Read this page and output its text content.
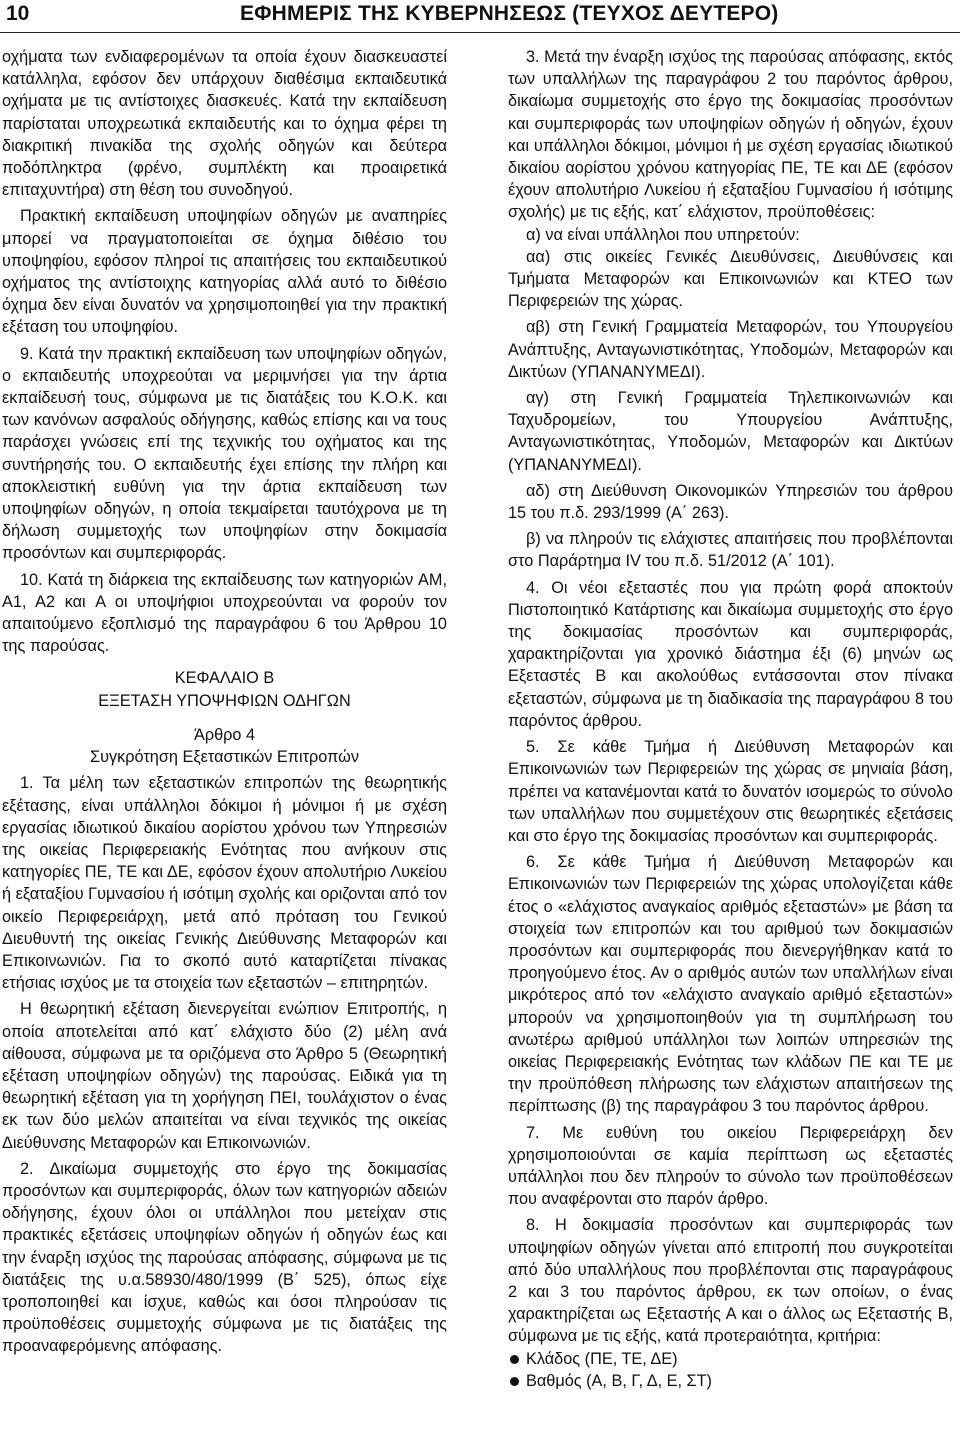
10	ΕΦΗΜΕΡΙΣ ΤΗΣ ΚΥΒΕΡΝΗΣΕΩΣ (ΤΕΥΧΟΣ ΔΕΥΤΕΡΟ)

οχήματα των ενδιαφερομένων τα οποία έχουν διασκευαστεί κατάλληλα, εφόσον δεν υπάρχουν διαθέσιμα εκπαιδευτικά οχήματα με τις αντίστοιχες διασκευές. Κατά την εκπαίδευση παρίσταται υποχρεωτικά εκπαιδευτής και το όχημα φέρει τη διακριτική πινακίδα της σχολής οδηγών και δεύτερα ποδόπληκτρα (φρένο, συμπλέκτη και προαιρετικά επιταχυντήρα) στη θέση του συνοδηγού.

Πρακτική εκπαίδευση υποψηφίων οδηγών με αναπηρίες μπορεί να πραγματοποιείται σε όχημα διθέσιο του υποψηφίου, εφόσον πληροί τις απαιτήσεις του εκπαιδευτικού οχήματος της αντίστοιχης κατηγορίας αλλά αυτό το διθέσιο όχημα δεν είναι δυνατόν να χρησιμοποιηθεί για την πρακτική εξέταση του υποψηφίου.

9. Κατά την πρακτική εκπαίδευση των υποψηφίων οδηγών, ο εκπαιδευτής υποχρεούται να μεριμνήσει για την άρτια εκπαίδευσή τους, σύμφωνα με τις διατάξεις του Κ.Ο.Κ. και των κανόνων ασφαλούς οδήγησης, καθώς επίσης και να τους παράσχει γνώσεις επί της τεχνικής του οχήματος και της συντήρησής του. Ο εκπαιδευτής έχει επίσης την πλήρη και αποκλειστική ευθύνη για την άρτια εκπαίδευση των υποψηφίων οδηγών, η οποία τεκμαίρεται ταυτόχρονα με τη δήλωση συμμετοχής των υποψηφίων στην δοκιμασία προσόντων και συμπεριφοράς.

10. Κατά τη διάρκεια της εκπαίδευσης των κατηγοριών AM, A1, A2 και A οι υποψήφιοι υποχρεούνται να φορούν τον απαιτούμενο εξοπλισμό της παραγράφου 6 του Άρθρου 10 της παρούσας.

ΚΕΦΑΛΑΙΟ Β

ΕΞΕΤΑΣΗ ΥΠΟΨΗΦΙΩΝ ΟΔΗΓΩΝ

Άρθρο 4

Συγκρότηση Εξεταστικών Επιτροπών

1. Τα μέλη των εξεταστικών επιτροπών της θεωρητικής εξέτασης, είναι υπάλληλοι δόκιμοι ή μόνιμοι ή με σχέση εργασίας ιδιωτικού δικαίου αορίστου χρόνου των Υπηρεσιών της οικείας Περιφερειακής Ενότητας που ανήκουν στις κατηγορίες ΠΕ, ΤΕ και ΔΕ, εφόσον έχουν απολυτήριο Λυκείου ή εξαταξίου Γυμνασίου ή ισότιμη σχολής και οριζονται από τον οικείο Περιφερειάρχη, μετά από πρόταση του Γενικού Διευθυντή της οικείας Γενικής Διεύθυνσης Μεταφορών και Επικοινωνιών. Για το σκοπό αυτό καταρτίζεται πίνακας ετήσιας ισχύος με τα στοιχεία των εξεταστών – επιτηρητών.

Η θεωρητική εξέταση διενεργείται ενώπιον Επιτροπής, η οποία αποτελείται από κατ΄ ελάχιστο δύο (2) μέλη ανά αίθουσα, σύμφωνα με τα οριζόμενα στο Άρθρο 5 (Θεωρητική εξέταση υποψηφίων οδηγών) της παρούσας. Ειδικά για τη θεωρητική εξέταση για τη χορήγηση ΠΕΙ, τουλάχιστον ο ένας εκ των δύο μελών απαιτείται να είναι τεχνικός της οικείας Διεύθυνσης Μεταφορών και Επικοινωνιών.

2. Δικαίωμα συμμετοχής στο έργο της δοκιμασίας προσόντων και συμπεριφοράς, όλων των κατηγοριών αδειών οδήγησης, έχουν όλοι οι υπάλληλοι που μετείχαν στις πρακτικές εξετάσεις υποψηφίων οδηγών ή οδηγών έως και την έναρξη ισχύος της παρούσας απόφασης, σύμφωνα με τις διατάξεις της υ.α.58930/480/1999 (Β΄ 525), όπως είχε τροποποιηθεί και ίσχυε, καθώς και όσοι πληρούσαν τις προϋποθέσεις συμμετοχής σύμφωνα με τις διατάξεις της προαναφερόμενης απόφασης.

3. Μετά την έναρξη ισχύος της παρούσας απόφασης, εκτός των υπαλλήλων της παραγράφου 2 του παρόντος άρθρου, δικαίωμα συμμετοχής στο έργο της δοκιμασίας προσόντων και συμπεριφοράς των υποψηφίων οδηγών ή οδηγών, έχουν και υπάλληλοι δόκιμοι, μόνιμοι ή με σχέση εργασίας ιδιωτικού δικαίου αορίστου χρόνου κατηγορίας ΠΕ, ΤΕ και ΔΕ (εφόσον έχουν απολυτήριο Λυκείου ή εξαταξίου Γυμνασίου ή ισότιμης σχολής) με τις εξής, κατ΄ ελάχιστον, προϋποθέσεις:

α) να είναι υπάλληλοι που υπηρετούν:

αα) στις οικείες Γενικές Διευθύνσεις, Διευθύνσεις και Τμήματα Μεταφορών και Επικοινωνιών και ΚΤΕΟ των Περιφερειών της χώρας.

αβ) στη Γενική Γραμματεία Μεταφορών, του Υπουργείου Ανάπτυξης, Ανταγωνιστικότητας, Υποδομών, Μεταφορών και Δικτύων (ΥΠΑΝΑΝΥΜΕΔΙ).

αγ) στη Γενική Γραμματεία Τηλεπικοινωνιών και Ταχυδρομείων, του Υπουργείου Ανάπτυξης, Ανταγωνιστικότητας, Υποδομών, Μεταφορών και Δικτύων (ΥΠΑΝΑΝΥΜΕΔΙ).

αδ) στη Διεύθυνση Οικονομικών Υπηρεσιών του άρθρου 15 του π.δ. 293/1999 (Α΄ 263).

β) να πληρούν τις ελάχιστες απαιτήσεις που προβλέπονται στο Παράρτημα IV του π.δ. 51/2012 (Α΄ 101).

4. Οι νέοι εξεταστές που για πρώτη φορά αποκτούν Πιστοποιητικό Κατάρτισης και δικαίωμα συμμετοχής στο έργο της δοκιμασίας προσόντων και συμπεριφοράς, χαρακτηρίζονται για χρονικό διάστημα έξι (6) μηνών ως Εξεταστές Β και ακολούθως εντάσσονται στον πίνακα εξεταστών, σύμφωνα με τη διαδικασία της παραγράφου 8 του παρόντος άρθρου.

5. Σε κάθε Τμήμα ή Διεύθυνση Μεταφορών και Επικοινωνιών των Περιφερειών της χώρας σε μηνιαία βάση, πρέπει να κατανέμονται κατά το δυνατόν ισομερώς το σύνολο των υπαλλήλων που συμμετέχουν στις θεωρητικές εξετάσεις και στο έργο της δοκιμασίας προσόντων και συμπεριφοράς.

6. Σε κάθε Τμήμα ή Διεύθυνση Μεταφορών και Επικοινωνιών των Περιφερειών της χώρας υπολογίζεται κάθε έτος ο «ελάχιστος αναγκαίος αριθμός εξεταστών» με βάση τα στοιχεία των επιτροπών και του αριθμού των δοκιμασιών προσόντων και συμπεριφοράς που διενεργήθηκαν κατά το προηγούμενο έτος. Αν ο αριθμός αυτών των υπαλλήλων είναι μικρότερος από τον «ελάχιστο αναγκαίο αριθμό εξεταστών» μπορούν να χρησιμοποιηθούν για τη συμπλήρωση του ανωτέρω αριθμού υπάλληλοι των λοιπών υπηρεσιών της οικείας Περιφερειακής Ενότητας των κλάδων ΠΕ και ΤΕ με την προϋπόθεση πλήρωσης των ελάχιστων απαιτήσεων της περίπτωσης (β) της παραγράφου 3 του παρόντος άρθρου.

7. Με ευθύνη του οικείου Περιφερειάρχη δεν χρησιμοποιούνται σε καμία περίπτωση ως εξεταστές υπάλληλοι που δεν πληρούν το σύνολο των προϋποθέσεων που αναφέρονται στο παρόν άρθρο.

8. Η δοκιμασία προσόντων και συμπεριφοράς των υποψηφίων οδηγών γίνεται από επιτροπή που συγκροτείται από δύο υπαλλήλους που προβλέπονται στις παραγράφους 2 και 3 του παρόντος άρθρου, εκ των οποίων, ο ένας χαρακτηρίζεται ως Εξεταστής Α και ο άλλος ως Εξεταστής Β, σύμφωνα με τις εξής, κατά προτεραιότητα, κριτήρια:

Κλάδος (ΠΕ, ΤΕ, ΔΕ)
Βαθμός (Α, Β, Γ, Δ, Ε, ΣΤ)
